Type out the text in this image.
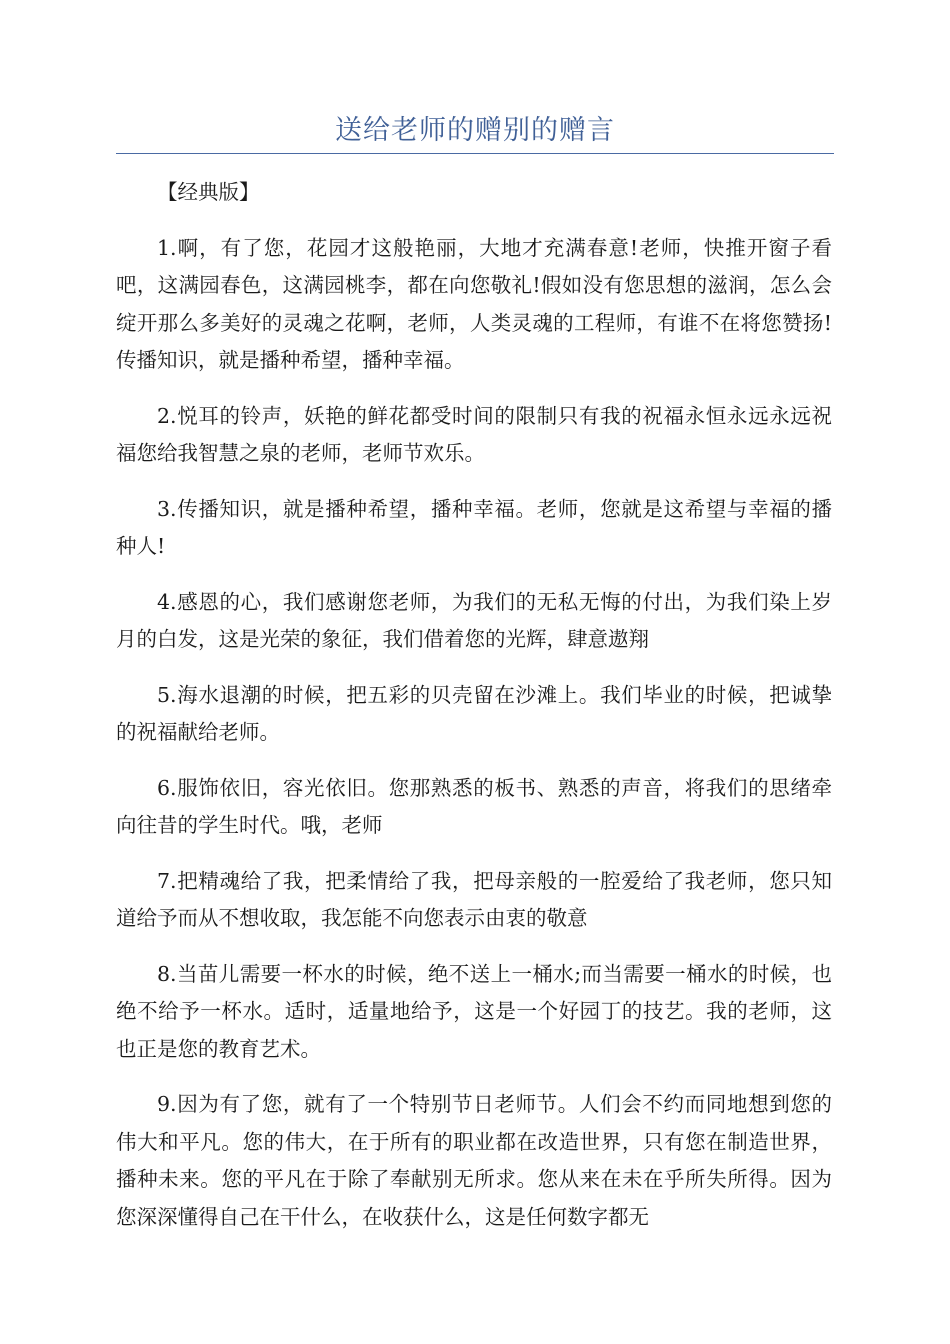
送给老师的赠别的赠言

【经典版】

1.啊，有了您，花园才这般艳丽，大地才充满春意!老师，快推开窗子看吧，这满园春色，这满园桃李，都在向您敬礼!假如没有您思想的滋润，怎么会绽开那么多美好的灵魂之花啊，老师，人类灵魂的工程师，有谁不在将您赞扬!传播知识，就是播种希望，播种幸福。

2.悦耳的铃声，妖艳的鲜花都受时间的限制只有我的祝福永恒永远永远祝福您给我智慧之泉的老师，老师节欢乐。

3.传播知识，就是播种希望，播种幸福。老师，您就是这希望与幸福的播种人!

4.感恩的心，我们感谢您老师，为我们的无私无悔的付出，为我们染上岁月的白发，这是光荣的象征，我们借着您的光辉，肆意遨翔

5.海水退潮的时候，把五彩的贝壳留在沙滩上。我们毕业的时候，把诚挚的祝福献给老师。

6.服饰依旧，容光依旧。您那熟悉的板书、熟悉的声音，将我们的思绪牵向往昔的学生时代。哦，老师

7.把精魂给了我，把柔情给了我，把母亲般的一腔爱给了我老师，您只知道给予而从不想收取，我怎能不向您表示由衷的敬意

8.当苗儿需要一杯水的时候，绝不送上一桶水;而当需要一桶水的时候，也绝不给予一杯水。适时，适量地给予，这是一个好园丁的技艺。我的老师，这也正是您的教育艺术。

9.因为有了您，就有了一个特别节日老师节。人们会不约而同地想到您的伟大和平凡。您的伟大，在于所有的职业都在改造世界，只有您在制造世界，播种未来。您的平凡在于除了奉献别无所求。您从来在未在乎所失所得。因为您深深懂得自己在干什么，在收获什么，这是任何数字都无
